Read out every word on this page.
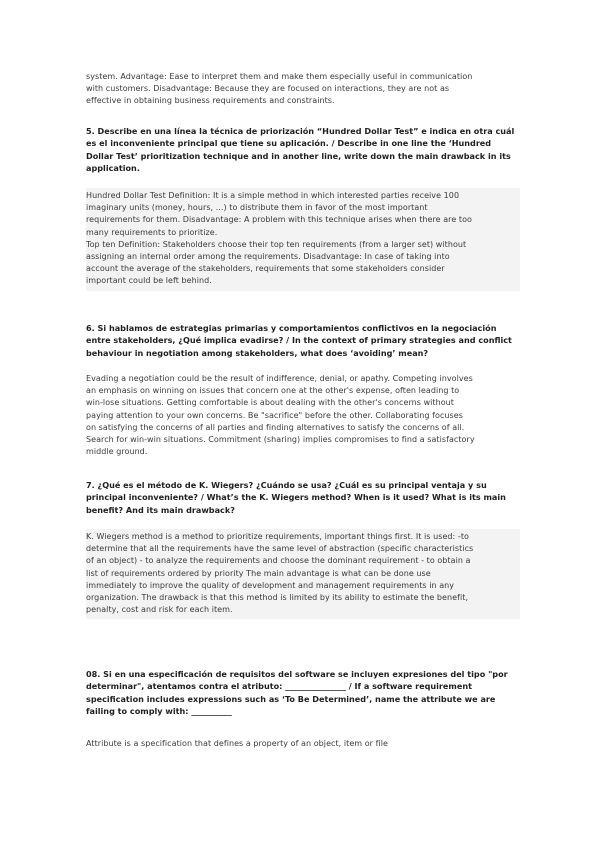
system. Advantage: Ease to interpret them and make them especially useful in communication
with customers. Disadvantage: Because they are focused on interactions, they are not as
effective in obtaining business requirements and constraints.
5. Describe en una línea la técnica de priorización “Hundred Dollar Test” e indica en otra cuál
es el inconveniente principal que tiene su aplicación. / Describe in one line the ‘Hundred
Dollar Test’ prioritization technique and in another line, write down the main drawback in its
application.
Hundred Dollar Test Definition: It is a simple method in which interested parties receive 100
imaginary units (money, hours, ...) to distribute them in favor of the most important
requirements for them. Disadvantage: A problem with this technique arises when there are too
many requirements to prioritize.
Top ten Definition: Stakeholders choose their top ten requirements (from a larger set) without
assigning an internal order among the requirements. Disadvantage: In case of taking into
account the average of the stakeholders, requirements that some stakeholders consider
important could be left behind.
6. Si hablamos de estrategias primarias y comportamientos conflictivos en la negociación
entre stakeholders, ¿Qué implica evadirse? / In the context of primary strategies and conflict
behaviour in negotiation among stakeholders, what does ‘avoiding’ mean?
Evading a negotiation could be the result of indifference, denial, or apathy. Competing involves
an emphasis on winning on issues that concern one at the other's expense, often leading to
win-lose situations. Getting comfortable is about dealing with the other's concerns without
paying attention to your own concerns. Be "sacrifice" before the other. Collaborating focuses
on satisfying the concerns of all parties and finding alternatives to satisfy the concerns of all.
Search for win-win situations. Commitment (sharing) implies compromises to find a satisfactory
middle ground.
7. ¿Qué es el método de K. Wiegers? ¿Cuándo se usa? ¿Cuál es su principal ventaja y su
principal inconveniente? / What’s the K. Wiegers method? When is it used? What is its main
benefit? And its main drawback?
K. Wiegers method is a method to prioritize requirements, important things first. It is used: -to
determine that all the requirements have the same level of abstraction (specific characteristics
of an object) - to analyze the requirements and choose the dominant requirement - to obtain a
list of requirements ordered by priority The main advantage is what can be done use
immediately to improve the quality of development and management requirements in any
organization. The drawback is that this method is limited by its ability to estimate the benefit,
penalty, cost and risk for each item.
08. Si en una especificación de requisitos del software se incluyen expresiones del tipo "por
determinar", atentamos contra el atributo: _______________ / If a software requirement
specification includes expressions such as ‘To Be Determined’, name the attribute we are
failing to comply with: __________
Attribute is a specification that defines a property of an object, item or file
